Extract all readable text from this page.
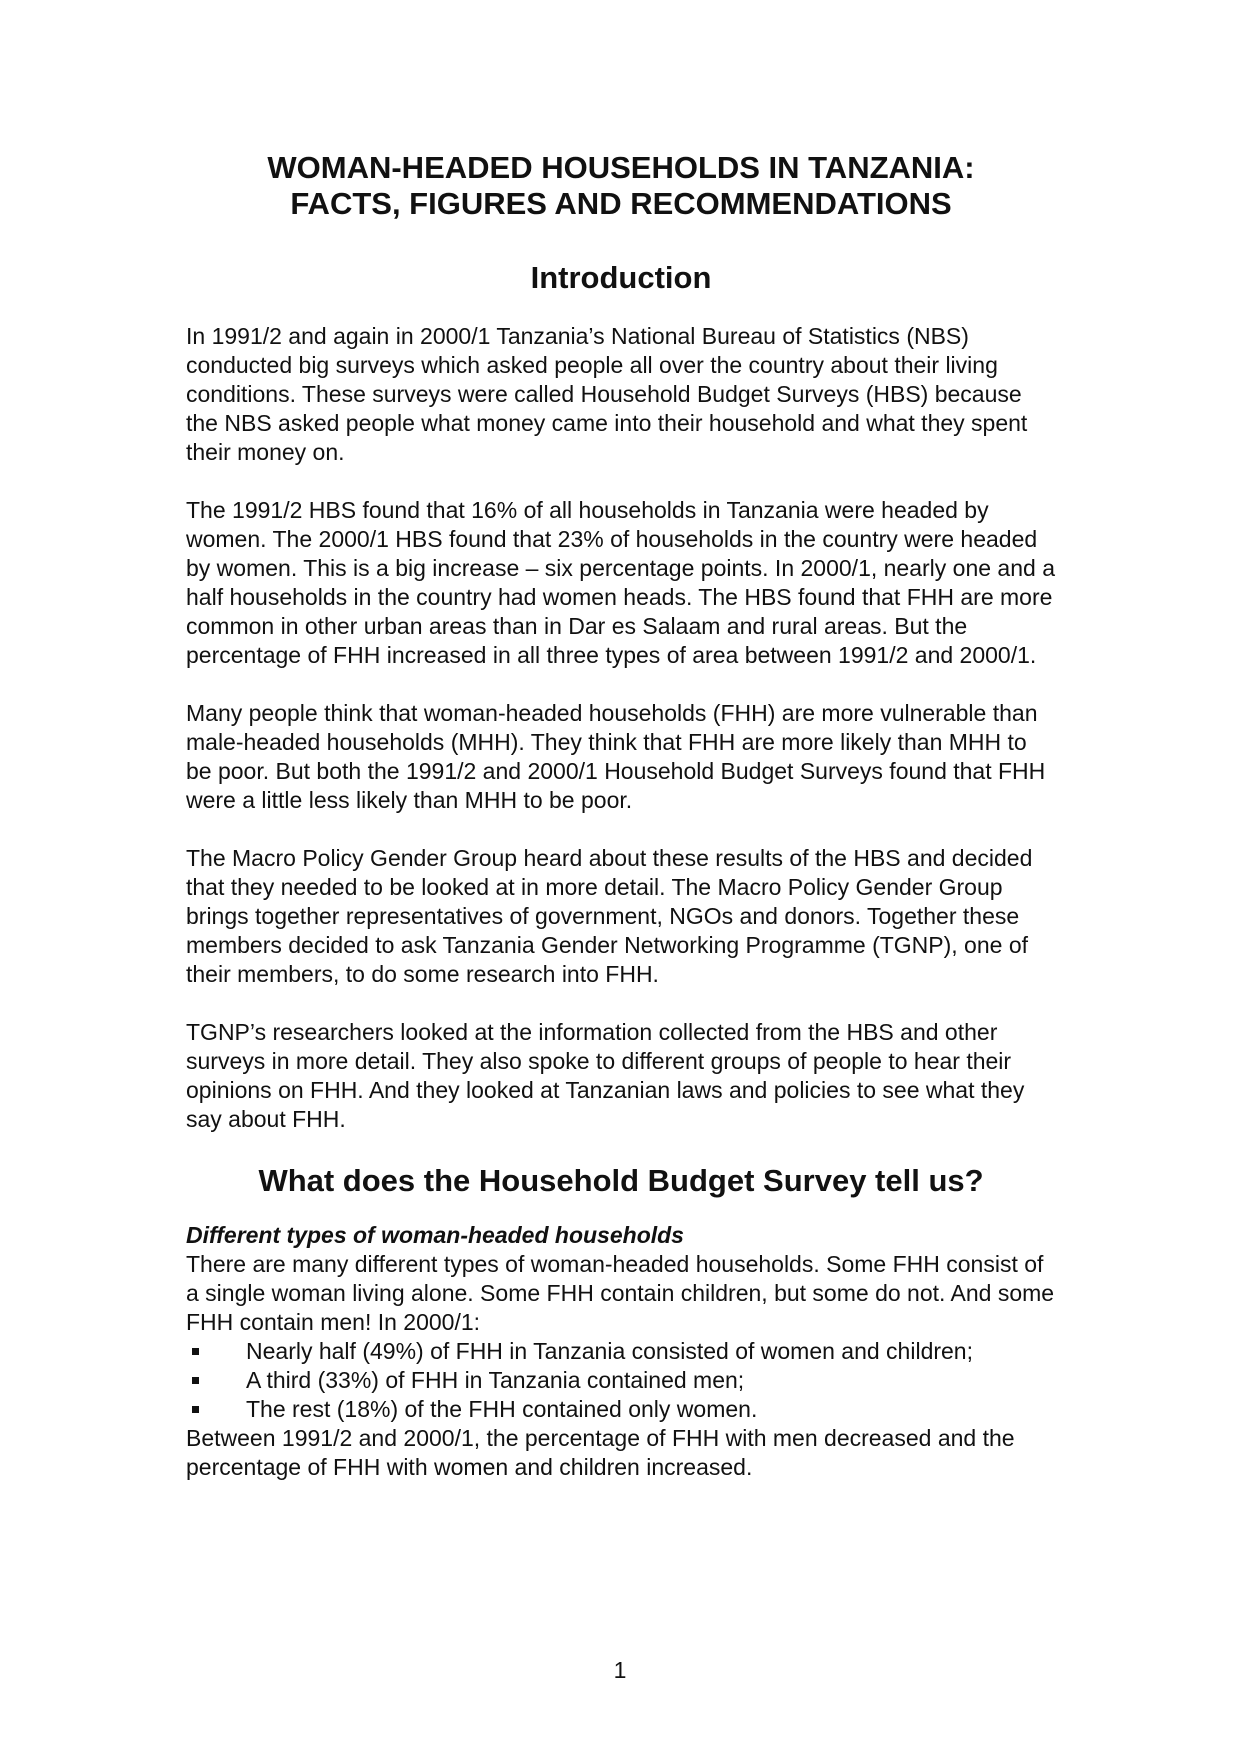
WOMAN-HEADED HOUSEHOLDS IN TANZANIA:
FACTS, FIGURES AND RECOMMENDATIONS
Introduction

In 1991/2 and again in 2000/1 Tanzania’s National Bureau of Statistics (NBS) conducted big surveys which asked people all over the country about their living conditions. These surveys were called Household Budget Surveys (HBS) because the NBS asked people what money came into their household and what they spent their money on.

The 1991/2 HBS found that 16% of all households in Tanzania were headed by women. The 2000/1 HBS found that 23% of households in the country were headed by women. This is a big increase – six percentage points. In 2000/1, nearly one and a half households in the country had women heads. The HBS found that FHH are more common in other urban areas than in Dar es Salaam and rural areas. But the percentage of FHH increased in all three types of area between 1991/2 and 2000/1.

Many people think that woman-headed households (FHH) are more vulnerable than male-headed households (MHH). They think that FHH are more likely than MHH to be poor. But both the 1991/2 and 2000/1 Household Budget Surveys found that FHH were a little less likely than MHH to be poor.

The Macro Policy Gender Group heard about these results of the HBS and decided that they needed to be looked at in more detail. The Macro Policy Gender Group brings together representatives of government, NGOs and donors. Together these members decided to ask Tanzania Gender Networking Programme (TGNP), one of their members, to do some research into FHH.

TGNP’s researchers looked at the information collected from the HBS and other surveys in more detail. They also spoke to different groups of people to hear their opinions on FHH. And they looked at Tanzanian laws and policies to see what they say about FHH.

What does the Household Budget Survey tell us?
Different types of woman-headed households

There are many different types of woman-headed households. Some FHH consist of a single woman living alone. Some FHH contain children, but some do not. And some FHH contain men! In 2000/1:

Nearly half (49%) of FHH in Tanzania consisted of women and children;
A third (33%) of FHH in Tanzania contained men;
The rest (18%) of the FHH contained only women.

Between 1991/2 and 2000/1, the percentage of FHH with men decreased and the percentage of FHH with women and children increased.

1
